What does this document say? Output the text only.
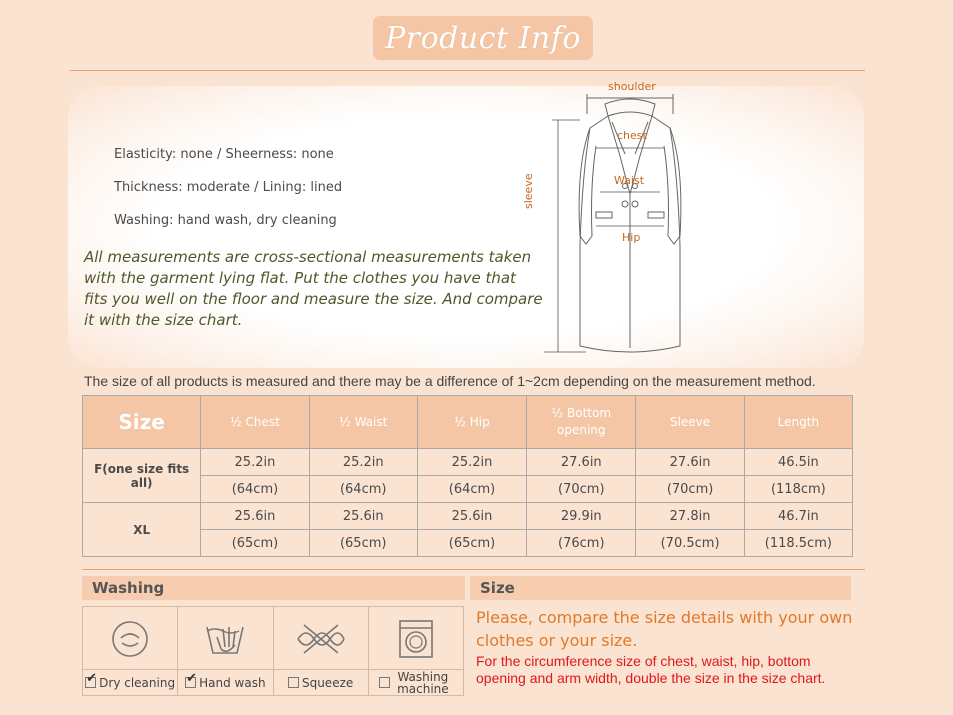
Product Info
Elasticity: none / Sheerness: none
Thickness: moderate / Lining: lined
Washing: hand wash, dry cleaning
All measurements are cross-sectional measurements taken with the garment lying flat. Put the clothes you have that fits you well on the floor and measure the size. And compare it with the size chart.
shoulder
chest
Waist
Hip
sleeve
The size of all products is measured and there may be a difference of 1~2cm depending on the measurement method.
Size	½ Chest	½ Waist	½ Hip	½ Bottom opening	Sleeve	Length
F(one size fits all)	25.2in	25.2in	25.2in	27.6in	27.6in	46.5in
	(64cm)	(64cm)	(64cm)	(70cm)	(70cm)	(118cm)
XL	25.6in	25.6in	25.6in	29.9in	27.8in	46.7in
	(65cm)	(65cm)	(65cm)	(76cm)	(70.5cm)	(118.5cm)
Washing
✔
Dry cleaning ✔ Hand wash	Squeeze	Washing machine
Size
Please, compare the size details with your own clothes or your size.
For the circumference size of chest, waist, hip, bottom opening and arm width, double the size in the size chart.
